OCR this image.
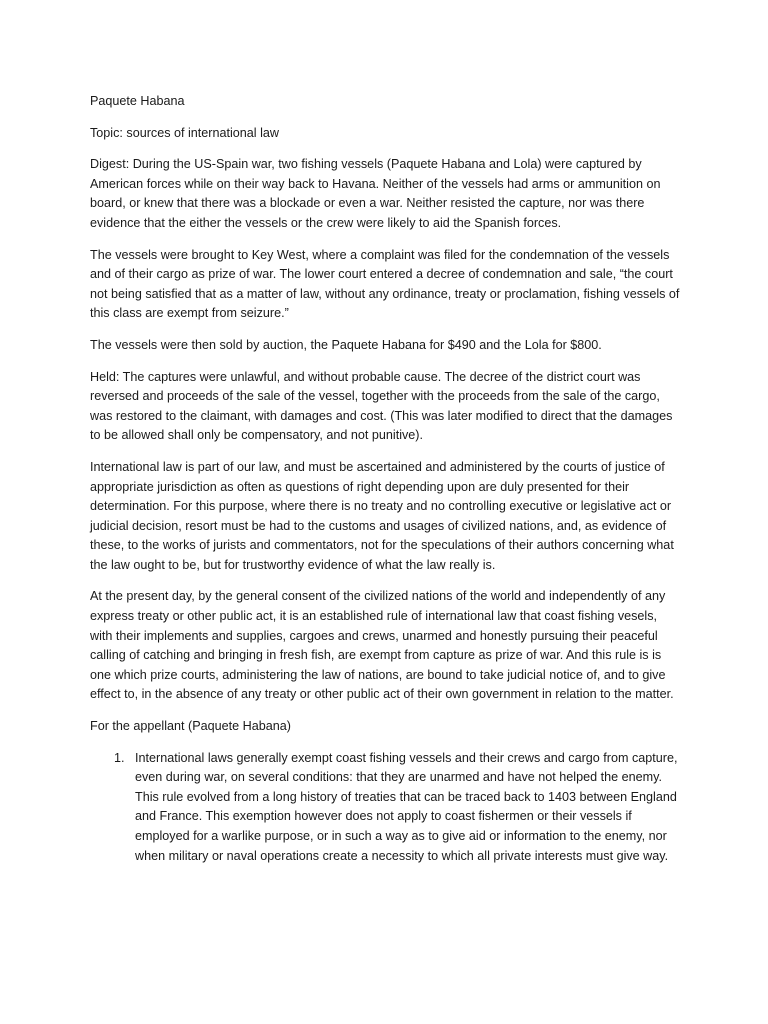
Paquete Habana

Topic: sources of international law

Digest: During the US-Spain war, two fishing vessels (Paquete Habana and Lola) were captured by American forces while on their way back to Havana. Neither of the vessels had arms or ammunition on board, or knew that there was a blockade or even a war. Neither resisted the capture, nor was there evidence that the either the vessels or the crew were likely to aid the Spanish forces.

The vessels were brought to Key West, where a complaint was filed for the condemnation of the vessels and of their cargo as prize of war. The lower court entered a decree of condemnation and sale, “the court not being satisfied that as a matter of law, without any ordinance, treaty or proclamation, fishing vessels of this class are exempt from seizure.”

The vessels were then sold by auction, the Paquete Habana for $490 and the Lola for $800.

Held: The captures were unlawful, and without probable cause. The decree of the district court was reversed and proceeds of the sale of the vessel, together with the proceeds from the sale of the cargo, was restored to the claimant, with damages and cost. (This was later modified to direct that the damages to be allowed shall only be compensatory, and not punitive).

International law is part of our law, and must be ascertained and administered by the courts of justice of appropriate jurisdiction as often as questions of right depending upon are duly presented for their determination. For this purpose, where there is no treaty and no controlling executive or legislative act or judicial decision, resort must be had to the customs and usages of civilized nations, and, as evidence of these, to the works of jurists and commentators, not for the speculations of their authors concerning what the law ought to be, but for trustworthy evidence of what the law really is.

At the present day, by the general consent of the civilized nations of the world and independently of any express treaty or other public act, it is an established rule of international law that coast fishing vesels, with their implements and supplies, cargoes and crews, unarmed and honestly pursuing their peaceful calling of catching and bringing in fresh fish, are exempt from capture as prize of war. And this rule is is one which prize courts, administering the law of nations, are bound to take judicial notice of, and to give effect to, in the absence of any treaty or other public act of their own government in relation to the matter.

For the appellant (Paquete Habana)

1. International laws generally exempt coast fishing vessels and their crews and cargo from capture, even during war, on several conditions: that they are unarmed and have not helped the enemy. This rule evolved from a long history of treaties that can be traced back to 1403 between England and France. This exemption however does not apply to coast fishermen or their vessels if employed for a warlike purpose, or in such a way as to give aid or information to the enemy, nor when military or naval operations create a necessity to which all private interests must give way.
